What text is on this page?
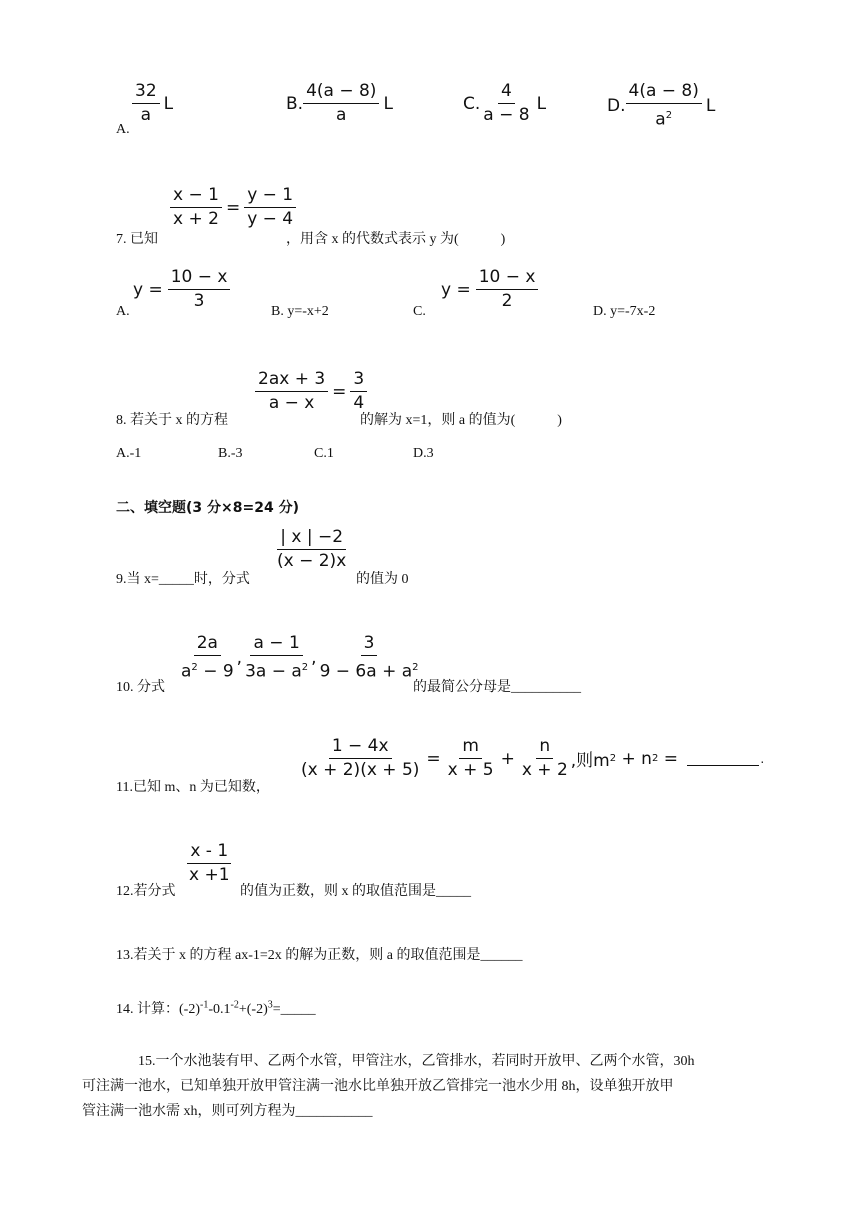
A.
$\frac{32}{a}$ L	B. $\frac{4(a - 8)}{a}$ L	C. $\frac{4}{a - 8}$ L	D. $\frac{4(a - 8)}{a^2}$ L
7. 已知
$\frac{x - 1}{x + 2} = \frac{y - 1}{y - 4}$
，用含 x 的代数式表示 y 为(　　　)
A.
$y = \frac{10 - x}{3}$
B. y=-x+2	C.
$y = \frac{10 - x}{2}$
D. y=-7x-2
8. 若关于 x 的方程
$\frac{2ax + 3}{a - x} = \frac{3}{4}$
的解为 x=1，则 a 的值为(　　　)
A.-1	B.-3	C.1	D.3
二、填空题(3 分×8=24 分)
9.当 x=_____时，分式
$\frac{| x | -2}{(x - 2)x}$
的值为 0
10. 分式
$\frac{2a}{a^2 - 9}$ , $\frac{a - 1}{3a - a^2}$ , $\frac{3}{9 - 6a + a^2}$
的最简公分母是__________
11.已知 m、n 为已知数，
$\frac{1 - 4x}{(x + 2)(x + 5)} = \frac{m}{x + 5} + \frac{n}{x + 2}$ ,则m 2 + n 2 =	.
12.若分式
$\frac{x - 1}{x +1}$
的值为正数，则 x 的取值范围是_____
13.若关于 x 的方程 ax-1=2x 的解为正数，则 a 的取值范围是______
14. 计算：$(-2)^{-1}-0.1^{-2}+(-2)^3=\_\_\_\_\_$
15.一个水池装有甲、乙两个水管，甲管注水，乙管排水，若同时开放甲、乙两个水管，30h
可注满一池水，已知单独开放甲管注满一池水比单独开放乙管排完一池水少用 8h，设单独开放甲
管注满一池水需 xh，则可列方程为___________
